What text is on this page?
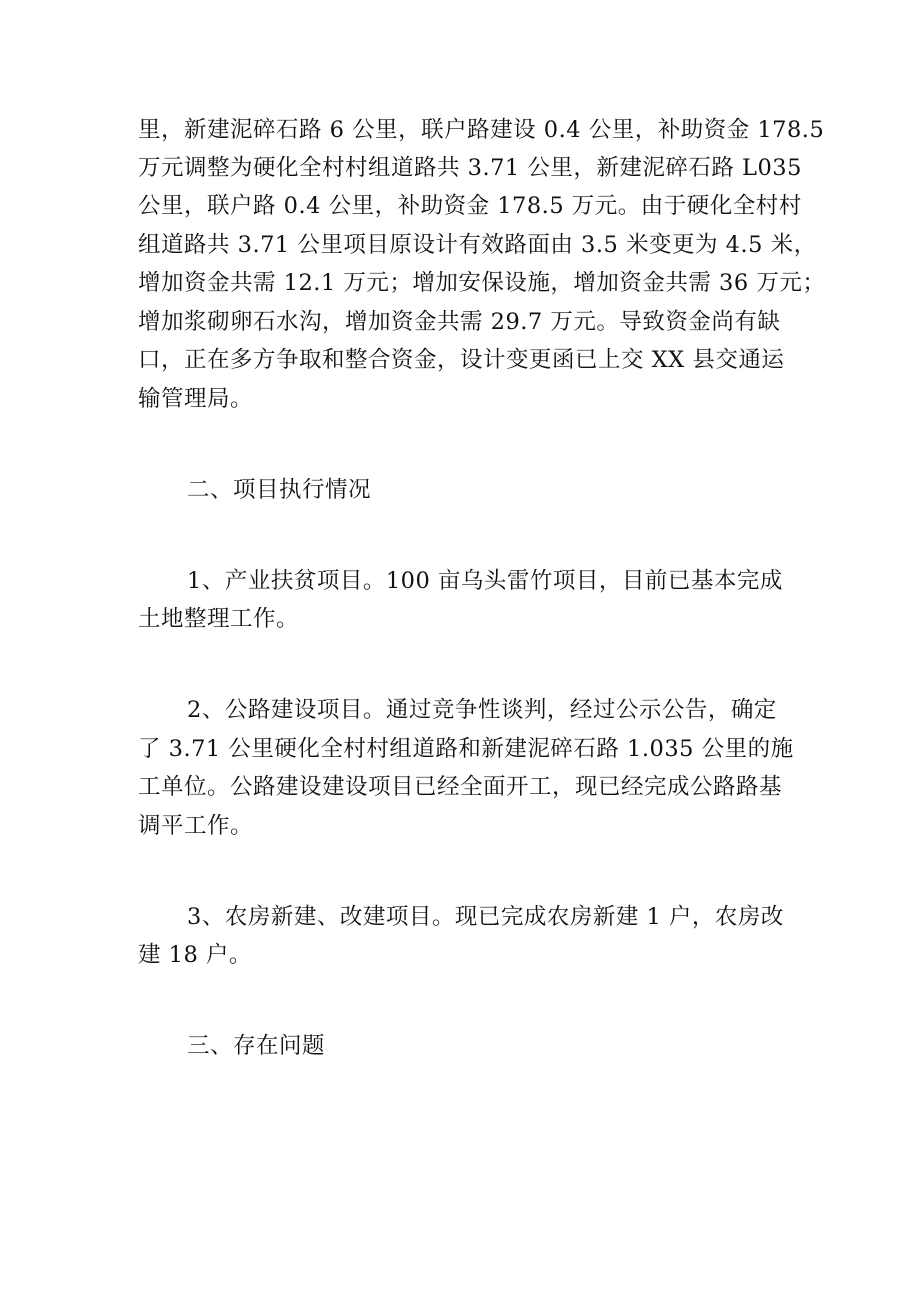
里，新建泥碎石路 6 公里，联户路建设 0.4 公里，补助资金 178.5
万元调整为硬化全村村组道路共 3.71 公里，新建泥碎石路 L035
公里，联户路 0.4 公里，补助资金 178.5 万元。由于硬化全村村
组道路共 3.71 公里项目原设计有效路面由 3.5 米变更为 4.5 米，
增加资金共需 12.1 万元；增加安保设施，增加资金共需 36 万元；
增加浆砌卵石水沟，增加资金共需 29.7 万元。导致资金尚有缺
口，正在多方争取和整合资金，设计变更函已上交 XX 县交通运
输管理局。
二、项目执行情况
1、产业扶贫项目。100 亩乌头雷竹项目，目前已基本完成
土地整理工作。
2、公路建设项目。通过竞争性谈判，经过公示公告，确定
了 3.71 公里硬化全村村组道路和新建泥碎石路 1.035 公里的施
工单位。公路建设建设项目已经全面开工，现已经完成公路路基
调平工作。
3、农房新建、改建项目。现已完成农房新建 1 户，农房改
建 18 户。
三、存在问题
